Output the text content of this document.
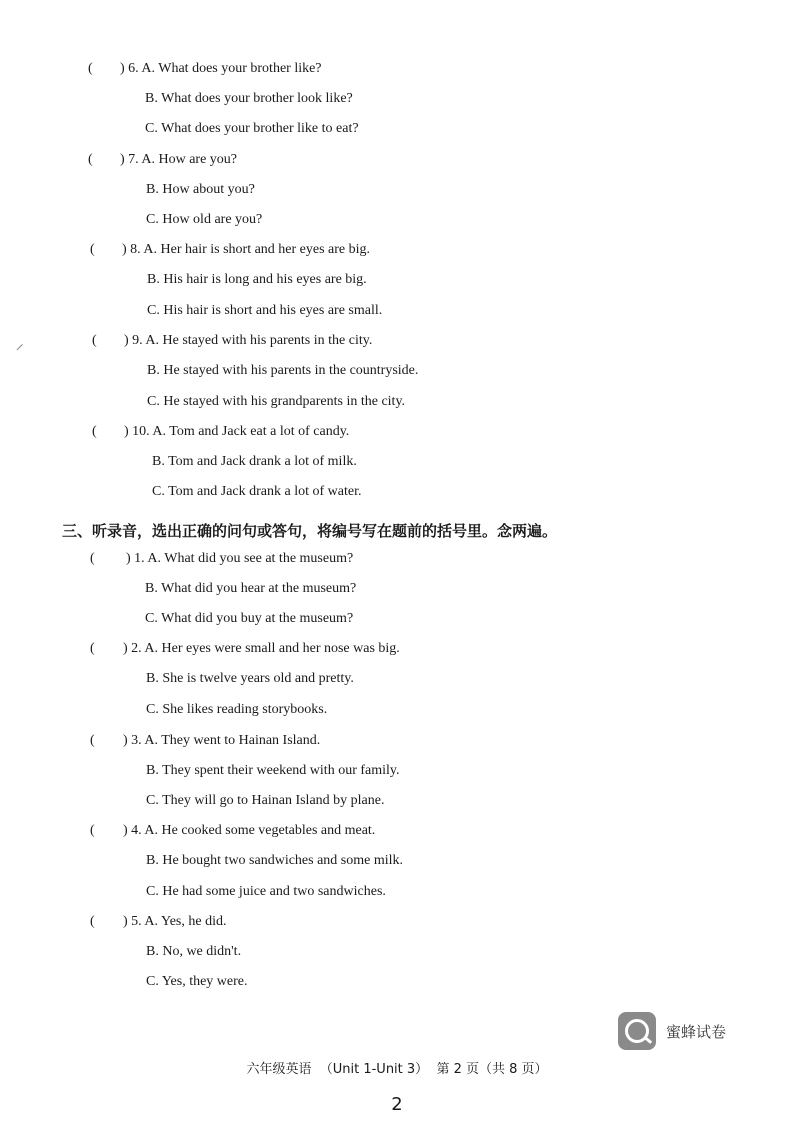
( ) 6. A. What does your brother like?
B. What does your brother look like?
C. What does your brother like to eat?
( ) 7. A. How are you?
B. How about you?
C. How old are you?
( ) 8. A. Her hair is short and her eyes are big.
B. His hair is long and his eyes are big.
C. His hair is short and his eyes are small.
( ) 9. A. He stayed with his parents in the city.
B. He stayed with his parents in the countryside.
C. He stayed with his grandparents in the city.
( ) 10. A. Tom and Jack eat a lot of candy.
B. Tom and Jack drank a lot of milk.
C. Tom and Jack drank a lot of water.
三、听录音，选出正确的问句或答句，将编号写在题前的括号里。念两遍。
( ) 1. A. What did you see at the museum?
B. What did you hear at the museum?
C. What did you buy at the museum?
( ) 2. A. Her eyes were small and her nose was big.
B. She is twelve years old and pretty.
C. She likes reading storybooks.
( ) 3. A. They went to Hainan Island.
B. They spent their weekend with our family.
C. They will go to Hainan Island by plane.
( ) 4. A. He cooked some vegetables and meat.
B. He bought two sandwiches and some milk.
C. He had some juice and two sandwiches.
( ) 5. A. Yes, he did.
B. No, we didn't.
C. Yes, they were.
蜜蜂试卷
六年级英语  （Unit 1-Unit 3）  第 2 页（共 8 页）
2
